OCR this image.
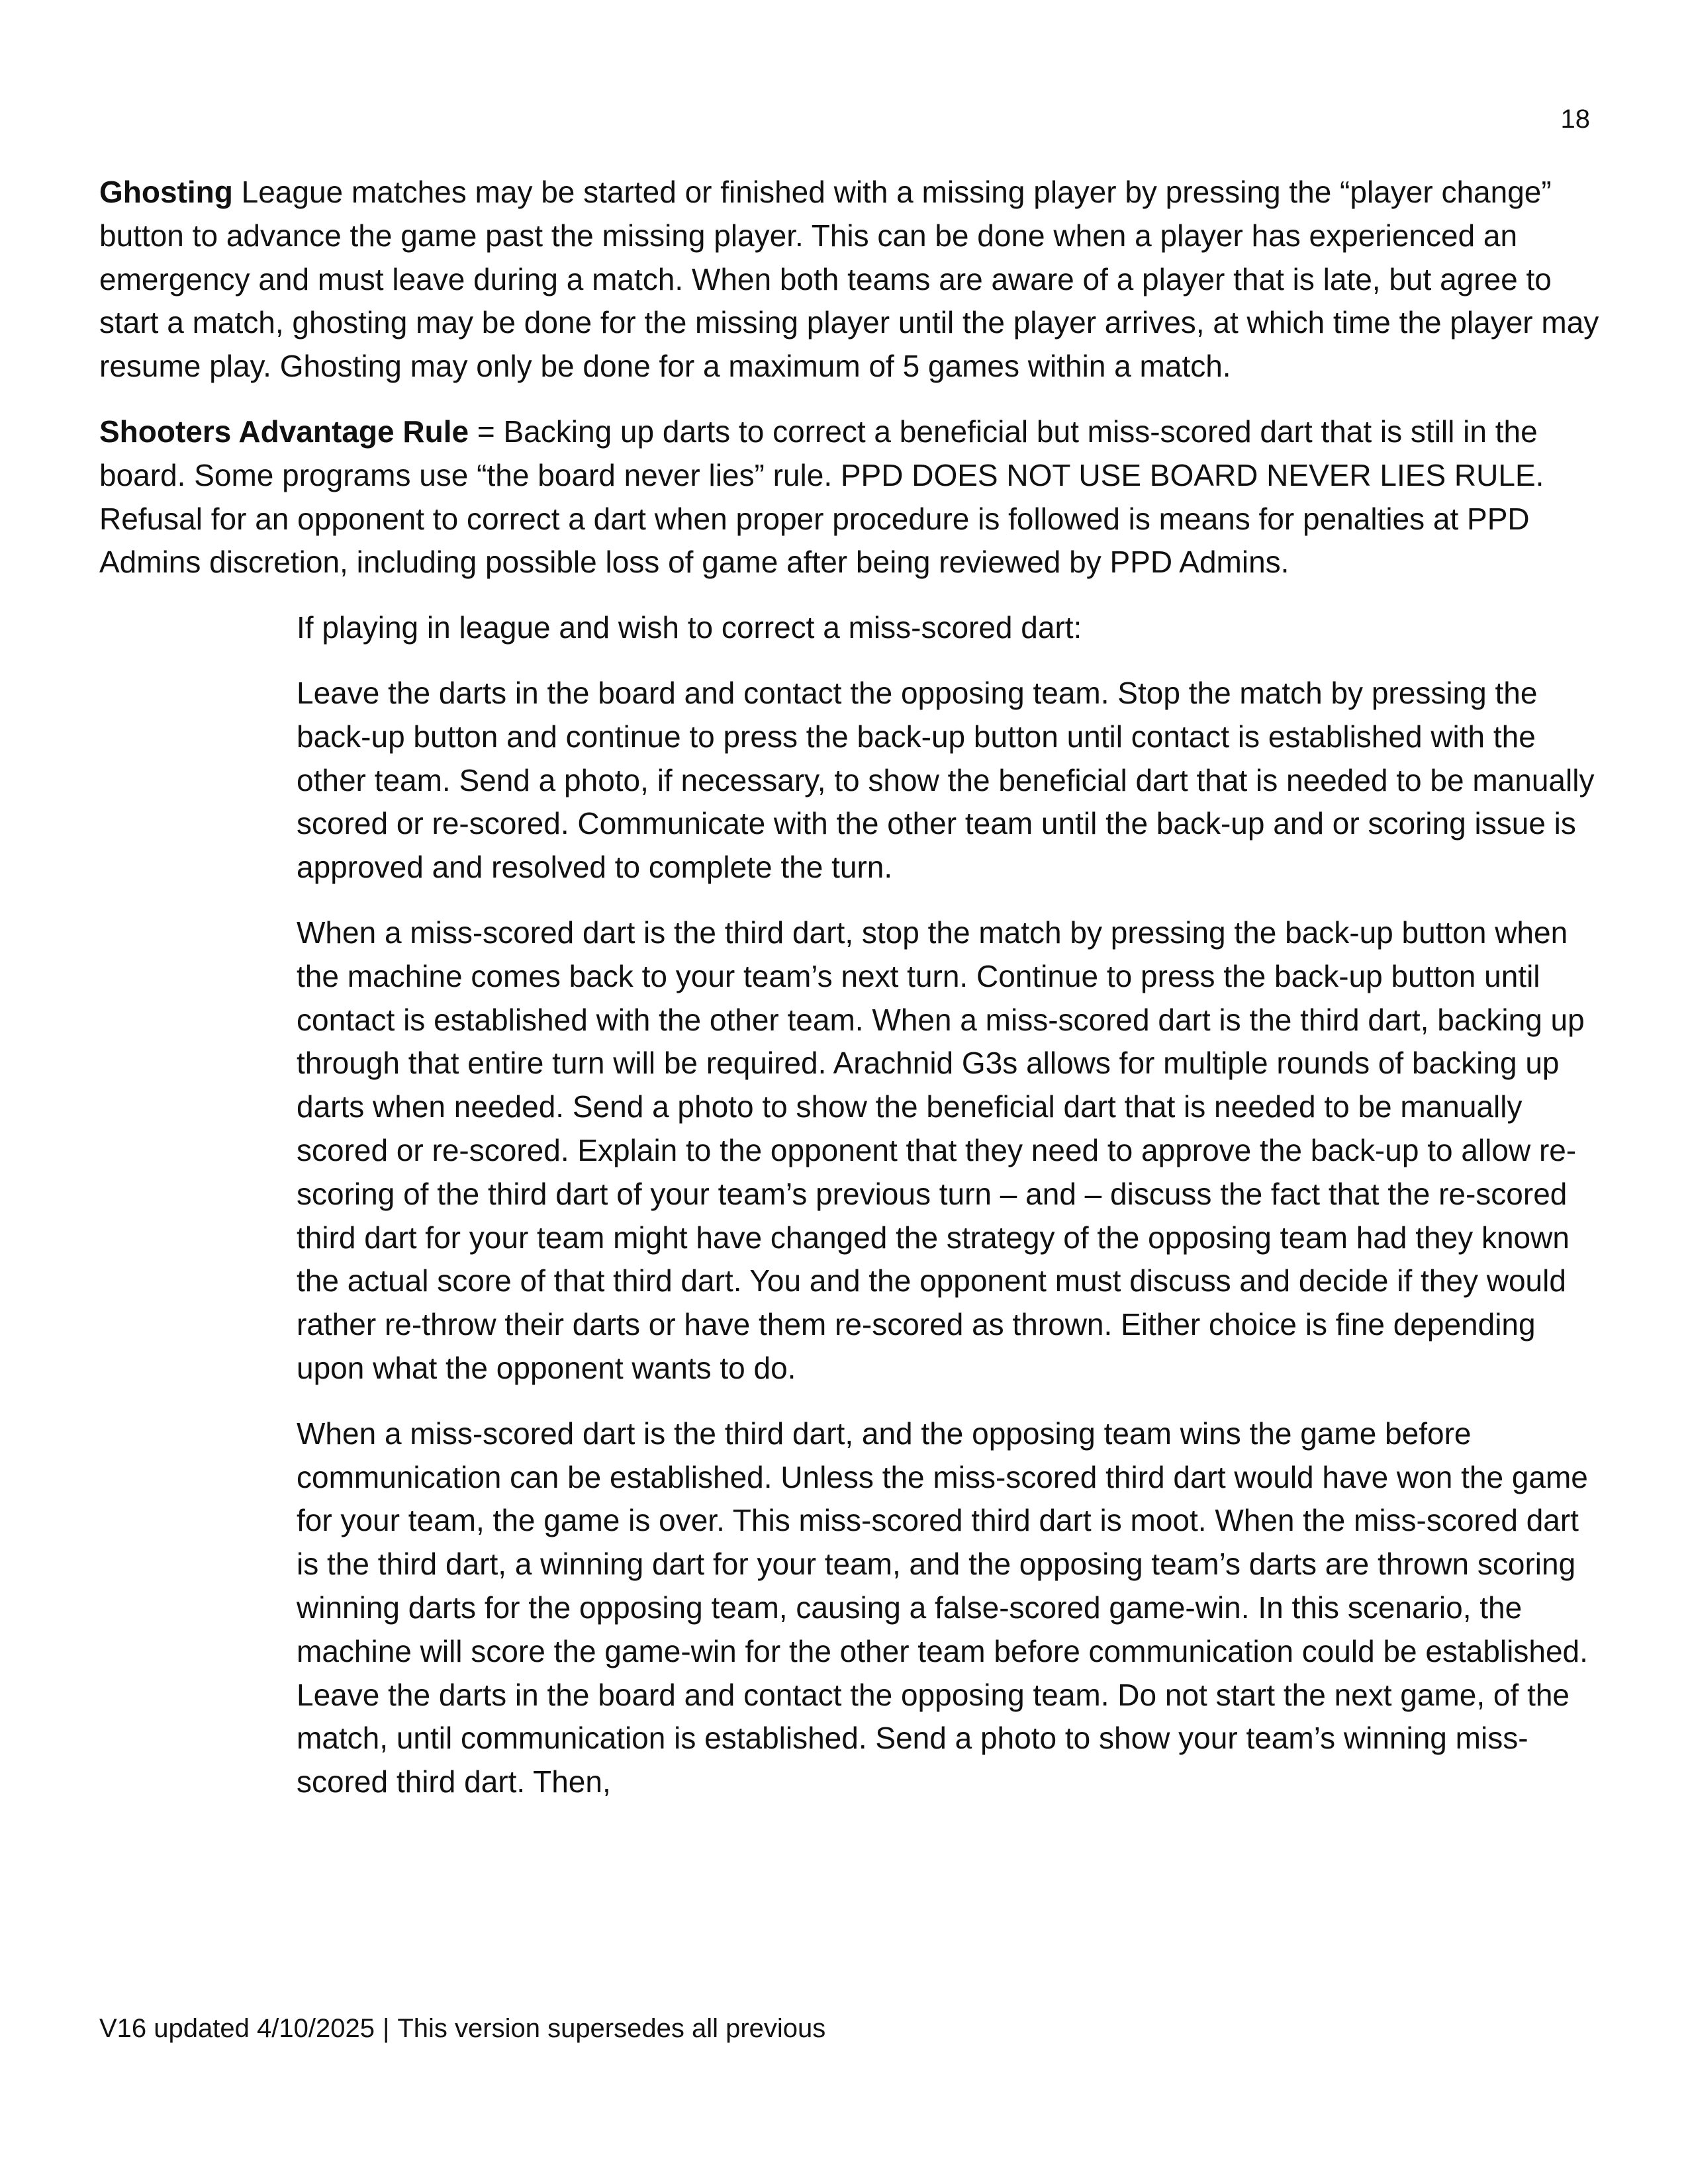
18

Ghosting League matches may be started or finished with a missing player by pressing the “player change” button to advance the game past the missing player. This can be done when a player has experienced an emergency and must leave during a match. When both teams are aware of a player that is late, but agree to start a match, ghosting may be done for the missing player until the player arrives, at which time the player may resume play. Ghosting may only be done for a maximum of 5 games within a match.

Shooters Advantage Rule = Backing up darts to correct a beneficial but miss-scored dart that is still in the board. Some programs use “the board never lies” rule. PPD DOES NOT USE BOARD NEVER LIES RULE. Refusal for an opponent to correct a dart when proper procedure is followed is means for penalties at PPD Admins discretion, including possible loss of game after being reviewed by PPD Admins.

If playing in league and wish to correct a miss-scored dart:

Leave the darts in the board and contact the opposing team. Stop the match by pressing the back-up button and continue to press the back-up button until contact is established with the other team. Send a photo, if necessary, to show the beneficial dart that is needed to be manually scored or re-scored. Communicate with the other team until the back-up and or scoring issue is approved and resolved to complete the turn.

When a miss-scored dart is the third dart, stop the match by pressing the back-up button when the machine comes back to your team’s next turn. Continue to press the back-up button until contact is established with the other team. When a miss-scored dart is the third dart, backing up through that entire turn will be required. Arachnid G3s allows for multiple rounds of backing up darts when needed. Send a photo to show the beneficial dart that is needed to be manually scored or re-scored. Explain to the opponent that they need to approve the back-up to allow re-scoring of the third dart of your team’s previous turn – and – discuss the fact that the re-scored third dart for your team might have changed the strategy of the opposing team had they known the actual score of that third dart. You and the opponent must discuss and decide if they would rather re-throw their darts or have them re-scored as thrown. Either choice is fine depending upon what the opponent wants to do.

When a miss-scored dart is the third dart, and the opposing team wins the game before communication can be established. Unless the miss-scored third dart would have won the game for your team, the game is over. This miss-scored third dart is moot. When the miss-scored dart is the third dart, a winning dart for your team, and the opposing team’s darts are thrown scoring winning darts for the opposing team, causing a false-scored game-win. In this scenario, the machine will score the game-win for the other team before communication could be established. Leave the darts in the board and contact the opposing team. Do not start the next game, of the match, until communication is established. Send a photo to show your team’s winning miss-scored third dart. Then,

V16 updated 4/10/2025 | This version supersedes all previous
